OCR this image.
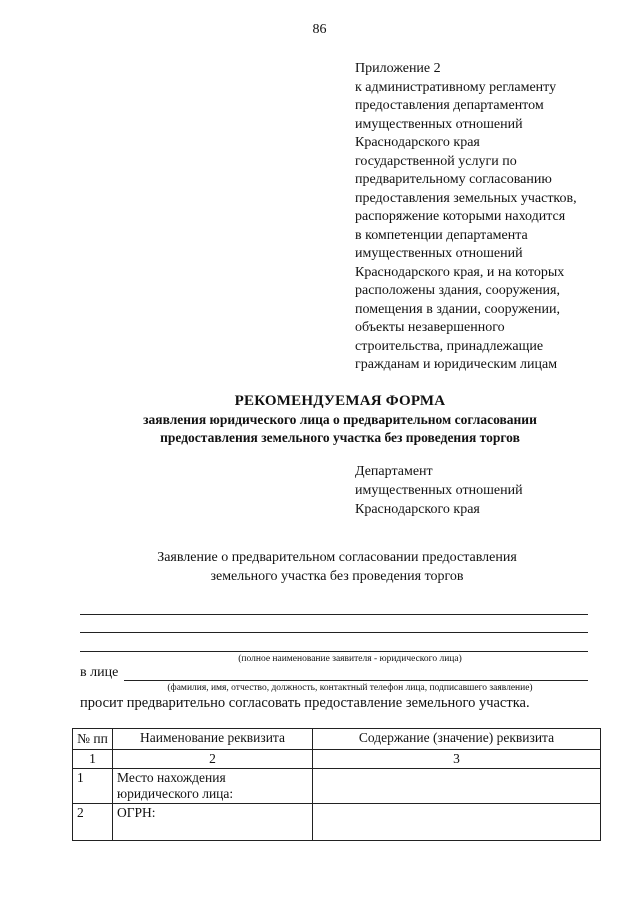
86
Приложение 2
к административному регламенту
предоставления департаментом
имущественных отношений
Краснодарского края
государственной услуги по
предварительному согласованию
предоставления земельных участков,
распоряжение которыми находится
в компетенции департамента
имущественных отношений
Краснодарского края, и на которых
расположены здания, сооружения,
помещения в здании, сооружении,
объекты незавершенного
строительства, принадлежащие
гражданам и юридическим лицам
РЕКОМЕНДУЕМАЯ ФОРМА
заявления юридического лица о предварительном согласовании
предоставления земельного участка без проведения торгов
Департамент
имущественных отношений
Краснодарского края
Заявление о предварительном согласовании предоставления
земельного участка без проведения торгов
(полное наименование заявителя - юридического лица)
в лице
(фамилия, имя, отчество, должность, контактный телефон лица, подписавшего заявление)
просит предварительно согласовать предоставление земельного участка.
№ пп	Наименование реквизита	Содержание (значение) реквизита
1	2	3
1	Место нахождения юридического лица:	
2	ОГРН:	
